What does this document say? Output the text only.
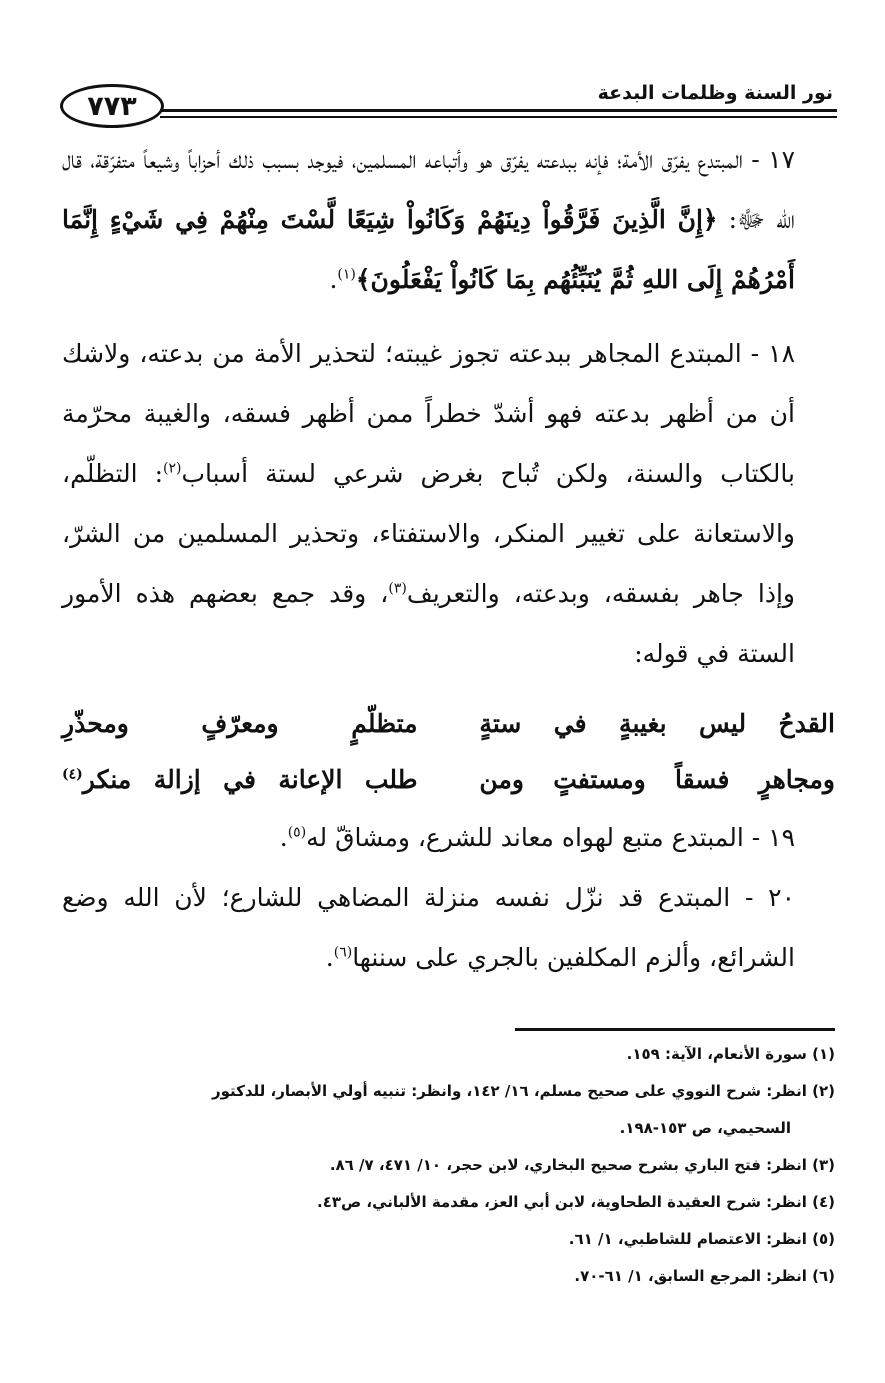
نور السنة وظلمات البدعة
٧٧٣

١٧ - المبتدع يفرّق الأمة؛ فإنه ببدعته يفرّق هو وأتباعه المسلمين، فيوجد بسبب ذلك أحزاباً وشيعاً متفرّقة، قال الله ﷻ: ﴿إِنَّ الَّذِينَ فَرَّقُواْ دِينَهُمْ وَكَانُواْ شِيَعًا لَّسْتَ مِنْهُمْ فِي شَيْءٍ إِنَّمَا أَمْرُهُمْ إِلَى اللهِ ثُمَّ يُنَبِّئُهُم بِمَا كَانُواْ يَفْعَلُونَ﴾$^{(١)}$.

١٨ - المبتدع المجاهر ببدعته تجوز غيبته؛ لتحذير الأمة من بدعته، ولاشك أن من أظهر بدعته فهو أشدّ خطراً ممن أظهر فسقه، والغيبة محرّمة بالكتاب والسنة، ولكن تُباح بغرض شرعي لستة أسباب$^{(٢)}$: التظلّم، والاستعانة على تغيير المنكر، والاستفتاء، وتحذير المسلمين من الشرّ، وإذا جاهر بفسقه، وبدعته، والتعريف$^{(٣)}$، وقد جمع بعضهم هذه الأمور الستة في قوله:

القدحُ ليس بغيبةٍ في ستةٍ
متظلّمٍ ومعرّفٍ ومحذّرِ
ومجاهرٍ فسقاً ومستفتٍ ومن
طلب الإعانة في إزالة منكر$^{(٤)}$

١٩ - المبتدع متبع لهواه معاند للشرع، ومشاقّ له$^{(٥)}$.

٢٠ - المبتدع قد نزّل نفسه منزلة المضاهي للشارع؛ لأن الله وضع الشرائع، وألزم المكلفين بالجري على سننها$^{(٦)}$.

(١) سورة الأنعام، الآية: ١٥٩.
(٢) انظر: شرح النووي على صحيح مسلم، ١٦/ ١٤٢، وانظر: تنبيه أولي الأبصار، للدكتور
السحيمي، ص ١٥٣-١٩٨.
(٣) انظر: فتح الباري بشرح صحيح البخاري، لابن حجر، ١٠/ ٤٧١، ٧/ ٨٦.
(٤) انظر: شرح العقيدة الطحاوية، لابن أبي العز، مقدمة الألباني، ص٤٣.
(٥) انظر: الاعتصام للشاطبي، ١/ ٦١.
(٦) انظر: المرجع السابق، ١/ ٦١-٧٠.
